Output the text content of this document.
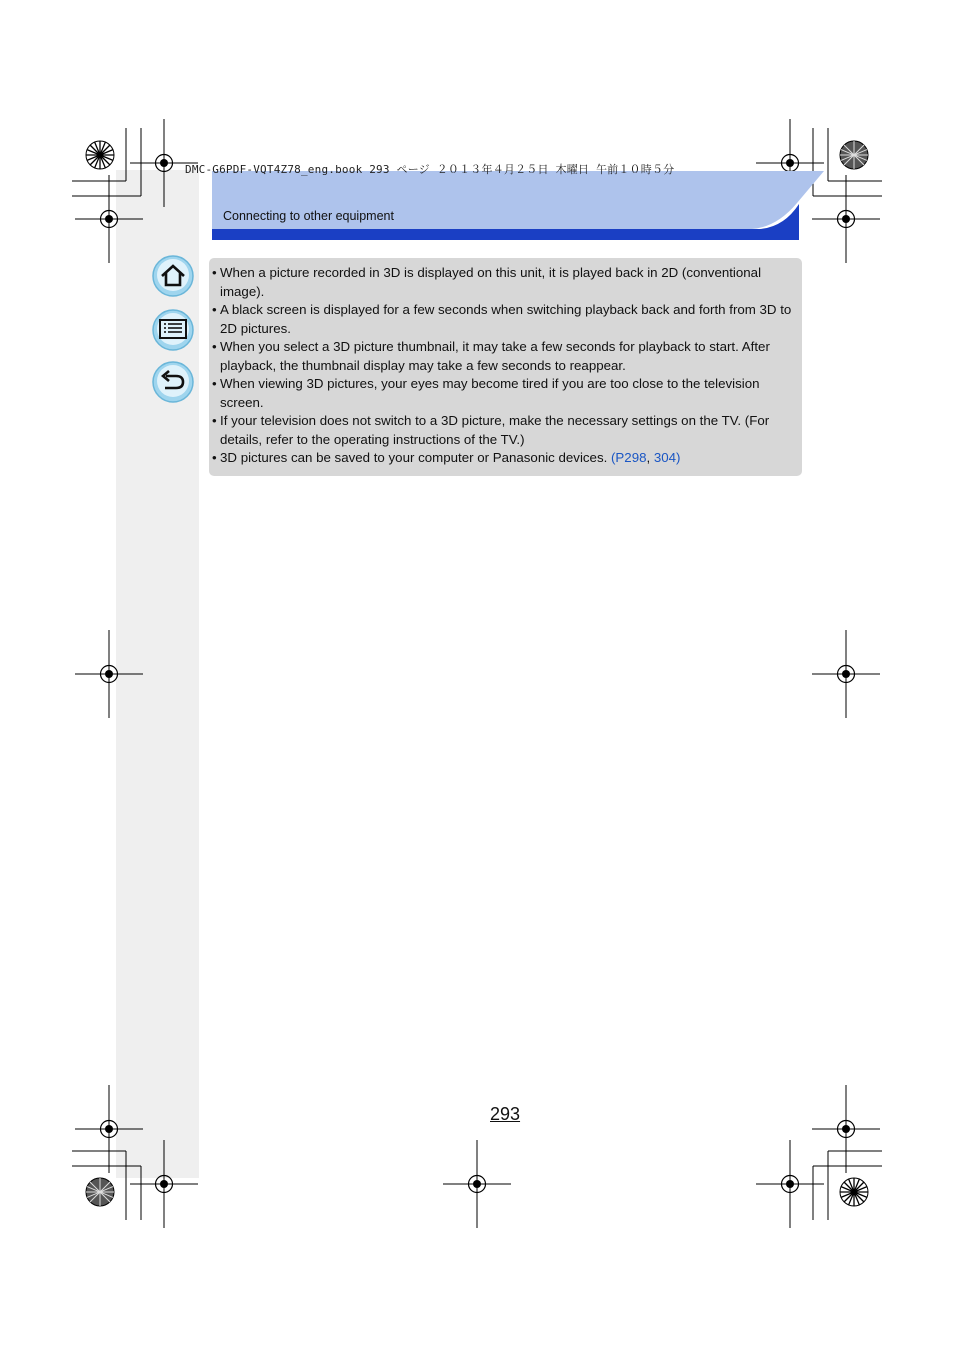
DMC-G6PDF-VQT4Z78_eng.book 293 ページ ２０１３年４月２５日 木曜日 午前１０時５分
Connecting to other equipment
• When a picture recorded in 3D is displayed on this unit, it is played back in 2D (conventional image).
• A black screen is displayed for a few seconds when switching playback back and forth from 3D to 2D pictures.
• When you select a 3D picture thumbnail, it may take a few seconds for playback to start. After playback, the thumbnail display may take a few seconds to reappear.
• When viewing 3D pictures, your eyes may become tired if you are too close to the television screen.
• If your television does not switch to a 3D picture, make the necessary settings on the TV. (For details, refer to the operating instructions of the TV.)
• 3D pictures can be saved to your computer or Panasonic devices. (P298, 304)
293
